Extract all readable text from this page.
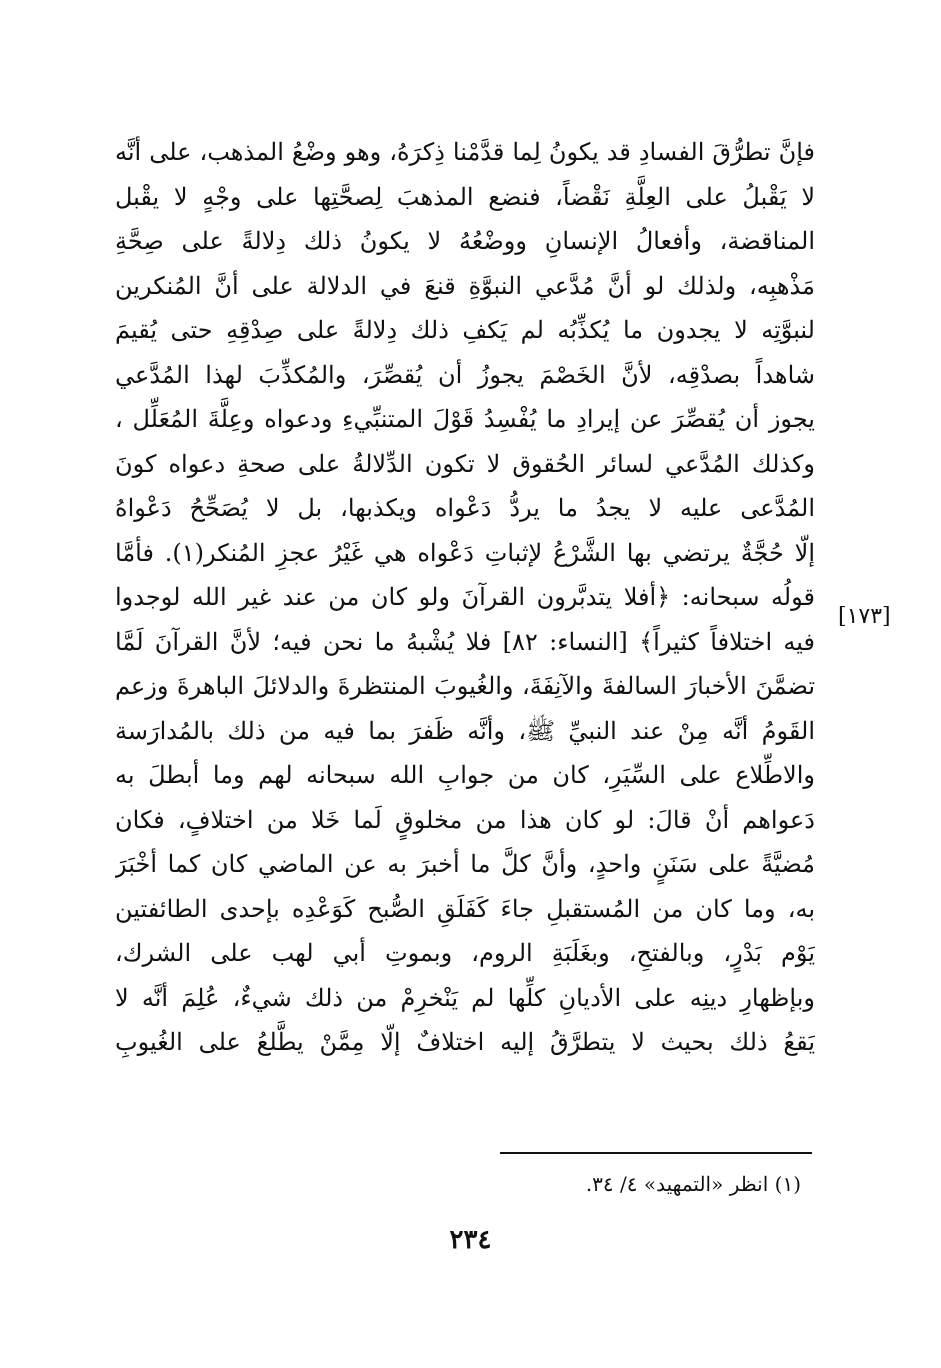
فإنَّ تطرُّقَ الفسادِ قد يكونُ لِما قدَّمْنا ذِكرَهُ، وهو وضْعُ المذهب، على أنَّه
لا يَقْبلُ على العِلَّةِ نَقْضاً، فنضع المذهبَ لِصحَّتِها على وجْهٍ لا يقْبل
المناقضة، وأفعالُ الإنسانِ ووضْعُهُ لا يكونُ ذلك دِلالةً على صِحَّةِ
مَذْهبِه، ولذلك لو أنَّ مُدَّعي النبوَّةِ قنعَ في الدلالة على أنَّ المُنكرين
لنبوَّتِه لا يجدون ما يُكذِّبُه لم يَكفِ ذلك دِلالةً على صِدْقِهِ حتى يُقيمَ
شاهداً بصدْقِه، لأنَّ الخَصْمَ يجوزُ أن يُقصِّرَ، والمُكذِّبَ لهذا المُدَّعي
يجوز أن يُقصِّرَ عن إيرادِ ما يُفْسِدُ قَوْلَ المتنبِّيءِ ودعواه وعِلَّةَ المُعَلِّل ،
وكذلك المُدَّعي لسائر الحُقوق لا تكون الدِّلالةُ على صحةِ دعواه كونَ
المُدَّعى عليه لا يجدُ ما يردُّ دَعْواه ويكذبها، بل لا يُصَحِّحُ دَعْواهُ
إلّا حُجَّةٌ يرتضي بها الشَّرْعُ لإثباتِ دَعْواه هي غَيْرُ عجزِ المُنكر(١). فأمَّا
قولُه سبحانه: ﴿أفلا يتدبَّرون القرآنَ ولو كان من عند غير الله لوجدوا
فيه اختلافاً كثيراً﴾ [النساء: ٨٢] فلا يُشْبهُ ما نحن فيه؛ لأنَّ القرآنَ لَمَّا
تضمَّنَ الأخبارَ السالفةَ والآنِفَةَ، والغُيوبَ المنتظرةَ والدلائلَ الباهرةَ وزعم
القَومُ أنَّه مِنْ عند النبيِّ ﷺ، وأنَّه ظَفرَ بما فيه من ذلك بالمُدارَسة
والاطِّلاع على السِّيَرِ، كان من جوابِ الله سبحانه لهم وما أبطلَ به
دَعواهم أنْ قالَ: لو كان هذا من مخلوقٍ لَما خَلا من اختلافٍ، فكان
مُضيَّةً على سَنَنٍ واحدٍ، وأنَّ كلَّ ما أخبرَ به عن الماضي كان كما أخْبَرَ
به، وما كان من المُستقبلِ جاءَ كَفَلَقِ الصُّبح كَوَعْدِه بإحدى الطائفتين
يَوْم بَدْرٍ، وبالفتحِ، وبغَلَبَةِ الروم، وبموتِ أبي لهب على الشرك،
وبإظهارِ دينِه على الأديانِ كلِّها لم يَنْخرِمْ من ذلك شيءٌ، عُلِمَ أنَّه لا
يَقعُ ذلك بحيث لا يتطرَّقُ إليه اختلافٌ إلّا مِمَّنْ يطَّلعُ على الغُيوبِ
[١٧٣]
(١) انظر «التمهيد» ٤/ ٣٤.
٢٣٤
